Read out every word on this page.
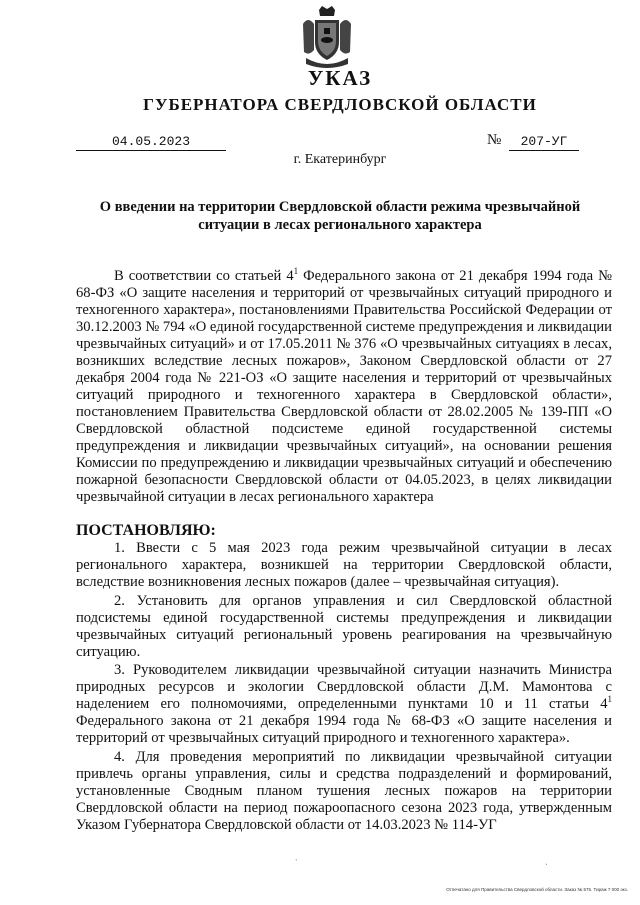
УКАЗ
ГУБЕРНАТОРА СВЕРДЛОВСКОЙ ОБЛАСТИ
04.05.2023	№	207-УГ
г. Екатеринбург
О введении на территории Свердловской области режима чрезвычайной ситуации в лесах регионального характера

В соответствии со статьей $4^1$ Федерального закона от 21 декабря 1994 года № 68-ФЗ «О защите населения и территорий от чрезвычайных ситуаций природного и техногенного характера», постановлениями Правительства Российской Федерации от 30.12.2003 № 794 «О единой государственной системе предупреждения и ликвидации чрезвычайных ситуаций» и от 17.05.2011 № 376 «О чрезвычайных ситуациях в лесах, возникших вследствие лесных пожаров», Законом Свердловской области от 27 декабря 2004 года № 221-ОЗ «О защите населения и территорий от чрезвычайных ситуаций природного и техногенного характера в Свердловской области», постановлением Правительства Свердловской области от 28.02.2005 № 139-ПП «О Свердловской областной подсистеме единой государственной системы предупреждения и ликвидации чрезвычайных ситуаций», на основании решения Комиссии по предупреждению и ликвидации чрезвычайных ситуаций и обеспечению пожарной безопасности Свердловской области от 04.05.2023, в целях ликвидации чрезвычайной ситуации в лесах регионального характера

ПОСТАНОВЛЯЮ:

1. Ввести с 5 мая 2023 года режим чрезвычайной ситуации в лесах регионального характера, возникшей на территории Свердловской области, вследствие возникновения лесных пожаров (далее – чрезвычайная ситуация).

2. Установить для органов управления и сил Свердловской областной подсистемы единой государственной системы предупреждения и ликвидации чрезвычайных ситуаций региональный уровень реагирования на чрезвычайную ситуацию.

3. Руководителем ликвидации чрезвычайной ситуации назначить Министра природных ресурсов и экологии Свердловской области Д.М. Мамонтова с наделением его полномочиями, определенными пунктами 10 и 11 статьи $4^1$ Федерального закона от 21 декабря 1994 года № 68-ФЗ «О защите населения и территорий от чрезвычайных ситуаций природного и техногенного характера».

4. Для проведения мероприятий по ликвидации чрезвычайной ситуации привлечь органы управления, силы и средства подразделений и формирований, установленные Сводным планом тушения лесных пожаров на территории Свердловской области на период пожароопасного сезона 2023 года, утвержденным Указом Губернатора Свердловской области от 14.03.2023 № 114-УГ

ˋ	ˎ
Отпечатано для Правительства Свердловской области. Заказ № 575. Тираж 7 000 экз.
